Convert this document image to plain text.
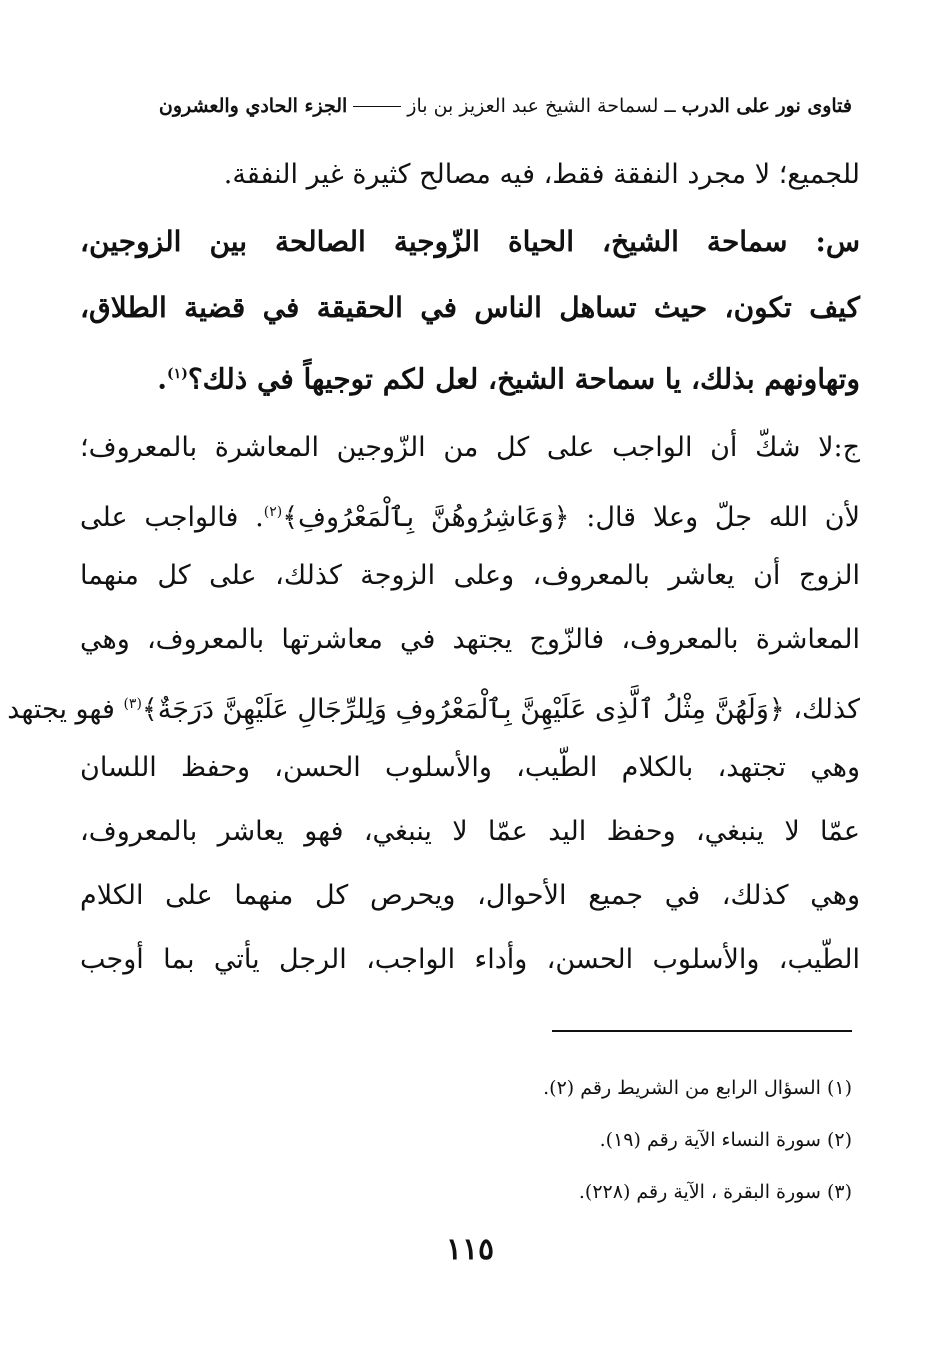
فتاوى نور على الدرب
ــ لسماحة الشيخ عبد العزيز بن باز
الجزء الحادي والعشرون
للجميع؛ لا مجرد النفقة فقط، فيه مصالح كثيرة غير النفقة.
س: سماحة الشيخ، الحياة الزّوجية الصالحة بين الزوجين،
كيف تكون، حيث تساهل الناس في الحقيقة في قضية الطلاق،
وتهاونهم بذلك، يا سماحة الشيخ، لعل لكم توجيهاً في ذلك؟$^{(١)}$.
ج:لا شكّ أن الواجب على كل من الزّوجين المعاشرة بالمعروف؛
لأن الله جلّ وعلا قال: ﴿وَعَاشِرُوهُنَّ بِٱلْمَعْرُوفِ﴾$^{(٢)}$. فالواجب على
الزوج أن يعاشر بالمعروف، وعلى الزوجة كذلك، على كل منهما
المعاشرة بالمعروف، فالزّوج يجتهد في معاشرتها بالمعروف، وهي
كذلك، ﴿وَلَهُنَّ مِثْلُ ٱلَّذِى عَلَيْهِنَّ بِٱلْمَعْرُوفِ وَلِلرِّجَالِ عَلَيْهِنَّ دَرَجَةٌ﴾$^{(٣)}$ فهو يجتهد
وهي تجتهد، بالكلام الطّيب، والأسلوب الحسن، وحفظ اللسان
عمّا لا ينبغي، وحفظ اليد عمّا لا ينبغي، فهو يعاشر بالمعروف،
وهي كذلك، في جميع الأحوال، ويحرص كل منهما على الكلام
الطّيب، والأسلوب الحسن، وأداء الواجب، الرجل يأتي بما أوجب
(١) السؤال الرابع من الشريط رقم (٢).
(٢) سورة النساء الآية رقم (١٩).
(٣) سورة البقرة ، الآية رقم (٢٢٨).
١١٥
